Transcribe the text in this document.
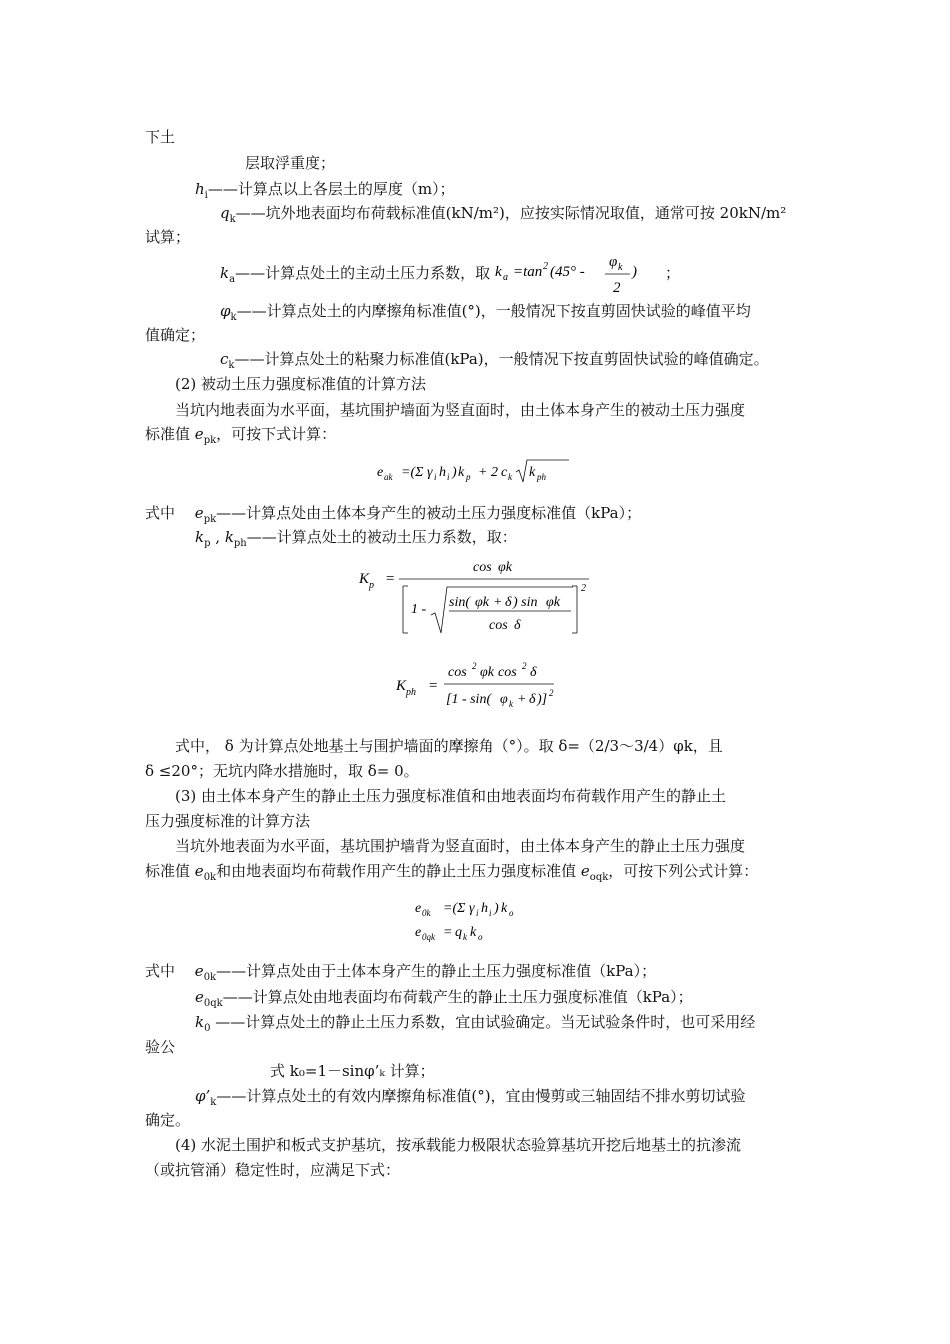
下土
层取浮重度；
$h_i——$计算点以上各层土的厚度（m）；
$q_k——$坑外地表面均布荷载标准值(kN/m²)，应按实际情况取值，通常可按 20kN/m²
试算；
$k_a——$计算点处土的主动土压力系数，取 k a =tan 2 (45° -
φ k
2
) ；
$\varphi_k——$计算点处土的内摩擦角标准值(°)，一般情况下按直剪固快试验的峰值平均
值确定；
$c_k——$计算点处土的粘聚力标准值(kPa)，一般情况下按直剪固快试验的峰值确定。
(2) 被动土压力强度标准值的计算方法
当坑内地表面为水平面，基坑围护墙面为竖直面时，由土体本身产生的被动土压力强度
标准值 $e_{pk}$，可按下式计算：
e ak =(Σ γ i h i ) k p + 2 c k k ph
式中　 $e_{pk}——$计算点处由土体本身产生的被动土压力强度标准值（kPa）；
$k_p$ , $k_{ph}——$计算点处土的被动土压力系数，取：
K p =
cos φk
1 - sin( φk + δ ) sin φk
cos δ
2
K ph =
cos 2 φk cos 2 δ
[1 - sin( φ k + δ )] 2
式中， δ 为计算点处地基土与围护墙面的摩擦角（°）。取 δ=（2/3～3/4）φk，且
δ ≤20°；无坑内降水措施时，取 δ= 0。
(3) 由土体本身产生的静止土压力强度标准值和由地表面均布荷载作用产生的静止土
压力强度标准的计算方法
当坑外地表面为水平面，基坑围护墙背为竖直面时，由土体本身产生的静止土压力强度
标准值 $e_{0k}$和由地表面均布荷载作用产生的静止土压力强度标准值 $e_{oqk}$，可按下列公式计算：
e 0k =(Σ γ i h i ) k o
e 0qk = q k k o
式中　 $e_{0k}——$计算点处由于土体本身产生的静止土压力强度标准值（kPa）；
$e_{0qk}——$计算点处由地表面均布荷载产生的静止土压力强度标准值（kPa）；
$k_0$ ——计算点处土的静止土压力系数，宜由试验确定。当无试验条件时，也可采用经
验公
式 k₀=1－sinφ’ₖ 计算；
$\varphi’_k——$计算点处土的有效内摩擦角标准值(°)，宜由慢剪或三轴固结不排水剪切试验
确定。
(4) 水泥土围护和板式支护基坑，按承载能力极限状态验算基坑开挖后地基土的抗渗流
（或抗管涌）稳定性时，应满足下式：
